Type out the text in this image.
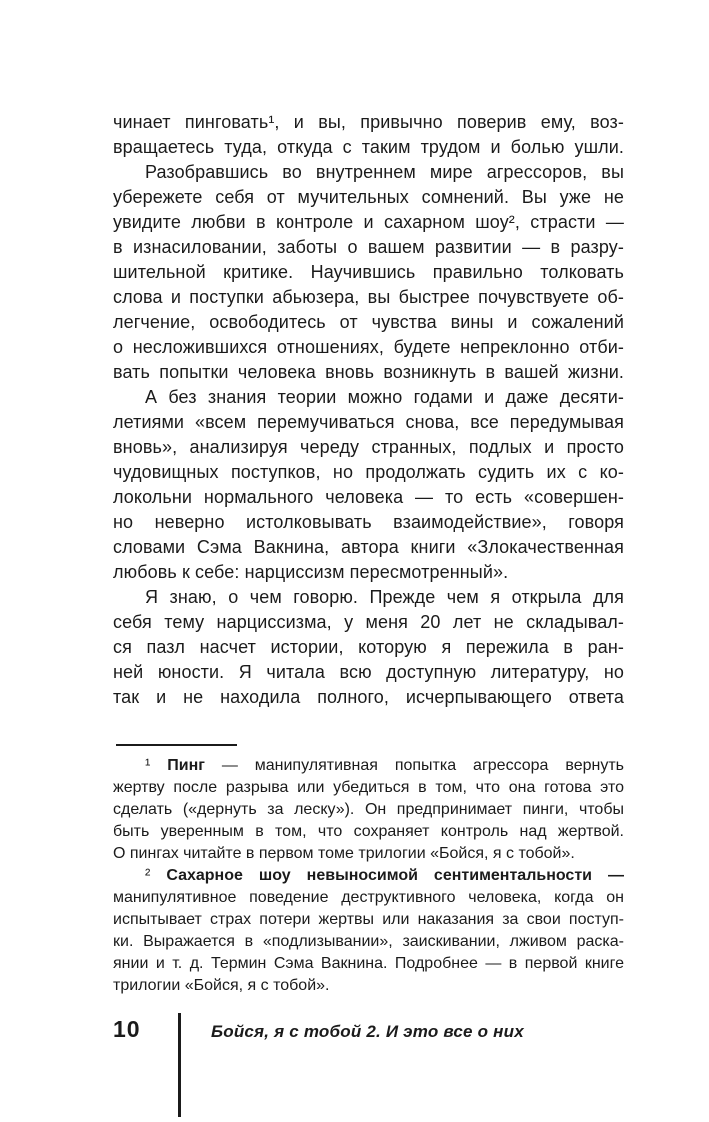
чинает пинговать¹, и вы, привычно поверив ему, воз-
вращаетесь туда, откуда с таким трудом и болью ушли.
Разобравшись во внутреннем мире агрессоров, вы
убережете себя от мучительных сомнений. Вы уже не
увидите любви в контроле и сахарном шоу², страсти —
в изнасиловании, заботы о вашем развитии — в разру-
шительной критике. Научившись правильно толковать
слова и поступки абьюзера, вы быстрее почувствуете об-
легчение, освободитесь от чувства вины и сожалений
о несложившихся отношениях, будете непреклонно отби-
вать попытки человека вновь возникнуть в вашей жизни.
А без знания теории можно годами и даже десяти-
летиями «всем перемучиваться снова, все передумывая
вновь», анализируя череду странных, подлых и просто
чудовищных поступков, но продолжать судить их с ко-
локольни нормального человека — то есть «совершен-
но неверно истолковывать взаимодействие», говоря
словами Сэма Вакнина, автора книги «Злокачественная
любовь к себе: нарциссизм пересмотренный».
Я знаю, о чем говорю. Прежде чем я открыла для
себя тему нарциссизма, у меня 20 лет не складывал-
ся пазл насчет истории, которую я пережила в ран-
ней юности. Я читала всю доступную литературу, но
так и не находила полного, исчерпывающего ответа
¹ Пинг — манипулятивная попытка агрессора вернуть
жертву после разрыва или убедиться в том, что она готова это
сделать («дернуть за леску»). Он предпринимает пинги, чтобы
быть уверенным в том, что сохраняет контроль над жертвой.
О пингах читайте в первом томе трилогии «Бойся, я с тобой».
² Сахарное шоу невыносимой сентиментальности —
манипулятивное поведение деструктивного человека, когда он
испытывает страх потери жертвы или наказания за свои поступ-
ки. Выражается в «подлизывании», заискивании, лживом раска-
янии и т. д. Термин Сэма Вакнина. Подробнее — в первой книге
трилогии «Бойся, я с тобой».
10	Бойся, я с тобой 2. И это все о них
